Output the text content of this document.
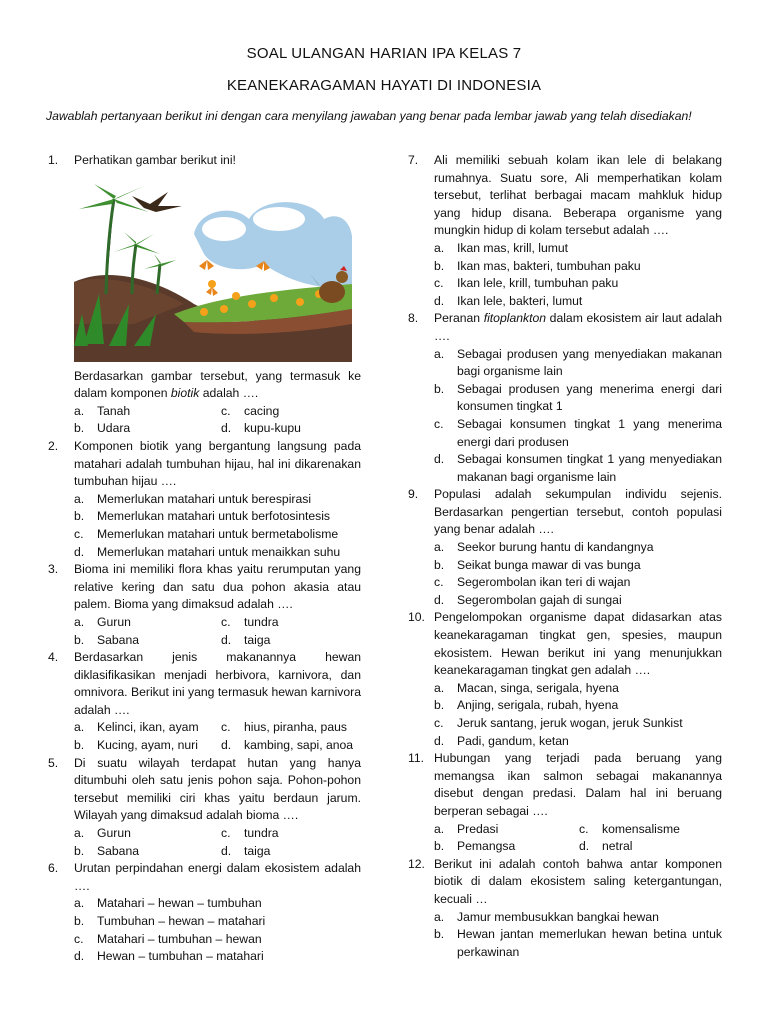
SOAL ULANGAN HARIAN IPA KELAS 7
KEANEKARAGAMAN HAYATI DI INDONESIA
Jawablah pertanyaan berikut ini dengan cara menyilang jawaban yang benar pada lembar jawab yang telah disediakan!
1. Perhatikan gambar berikut ini!
Berdasarkan gambar tersebut, yang termasuk ke dalam komponen biotik adalah ….
a. Tanah	c. cacing
b. Udara	d. kupu-kupu
2. Komponen biotik yang bergantung langsung pada matahari adalah tumbuhan hijau, hal ini dikarenakan tumbuhan hijau ….
a. Memerlukan matahari untuk berespirasi
b. Memerlukan matahari untuk berfotosintesis
c. Memerlukan matahari untuk bermetabolisme
d. Memerlukan matahari untuk menaikkan suhu
3. Bioma ini memiliki flora khas yaitu rerumputan yang relative kering dan satu dua pohon akasia atau palem. Bioma yang dimaksud adalah ….
a. Gurun	c. tundra
b. Sabana	d. taiga
4. Berdasarkan jenis makanannya hewan diklasifikasikan menjadi herbivora, karnivora, dan omnivora. Berikut ini yang termasuk hewan karnivora adalah ….
a. Kelinci, ikan, ayam	c. hius, piranha, paus
b. Kucing, ayam, nuri	d. kambing, sapi, anoa
5. Di suatu wilayah terdapat hutan yang hanya ditumbuhi oleh satu jenis pohon saja. Pohon-pohon tersebut memiliki ciri khas yaitu berdaun jarum. Wilayah yang dimaksud adalah bioma ….
a. Gurun	c. tundra
b. Sabana	d. taiga
6. Urutan perpindahan energi dalam ekosistem adalah ….
a. Matahari – hewan – tumbuhan
b. Tumbuhan – hewan – matahari
c. Matahari – tumbuhan – hewan
d. Hewan – tumbuhan – matahari
7. Ali memiliki sebuah kolam ikan lele di belakang rumahnya. Suatu sore, Ali memperhatikan kolam tersebut, terlihat berbagai macam mahkluk hidup yang hidup disana. Beberapa organisme yang mungkin hidup di kolam tersebut adalah ….
a. Ikan mas, krill, lumut
b. Ikan mas, bakteri, tumbuhan paku
c. Ikan lele, krill, tumbuhan paku
d. Ikan lele, bakteri, lumut
8. Peranan fitoplankton dalam ekosistem air laut adalah ….
a. Sebagai produsen yang menyediakan makanan bagi organisme lain
b. Sebagai produsen yang menerima energi dari konsumen tingkat 1
c. Sebagai konsumen tingkat 1 yang menerima energi dari produsen
d. Sebagai konsumen tingkat 1 yang menyediakan makanan bagi organisme lain
9. Populasi adalah sekumpulan individu sejenis. Berdasarkan pengertian tersebut, contoh populasi yang benar adalah ….
a. Seekor burung hantu di kandangnya
b. Seikat bunga mawar di vas bunga
c. Segerombolan ikan teri di wajan
d. Segerombolan gajah di sungai
10. Pengelompokan organisme dapat didasarkan atas keanekaragaman tingkat gen, spesies, maupun ekosistem. Hewan berikut ini yang menunjukkan keanekaragaman tingkat gen adalah ….
a. Macan, singa, serigala, hyena
b. Anjing, serigala, rubah, hyena
c. Jeruk santang, jeruk wogan, jeruk Sunkist
d. Padi, gandum, ketan
11. Hubungan yang terjadi pada beruang yang memangsa ikan salmon sebagai makanannya disebut dengan predasi. Dalam hal ini beruang berperan sebagai ….
a. Predasi	c. komensalisme
b. Pemangsa	d. netral
12. Berikut ini adalah contoh bahwa antar komponen biotik di dalam ekosistem saling ketergantungan, kecuali …
a. Jamur membusukkan bangkai hewan
b. Hewan jantan memerlukan hewan betina untuk perkawinan
